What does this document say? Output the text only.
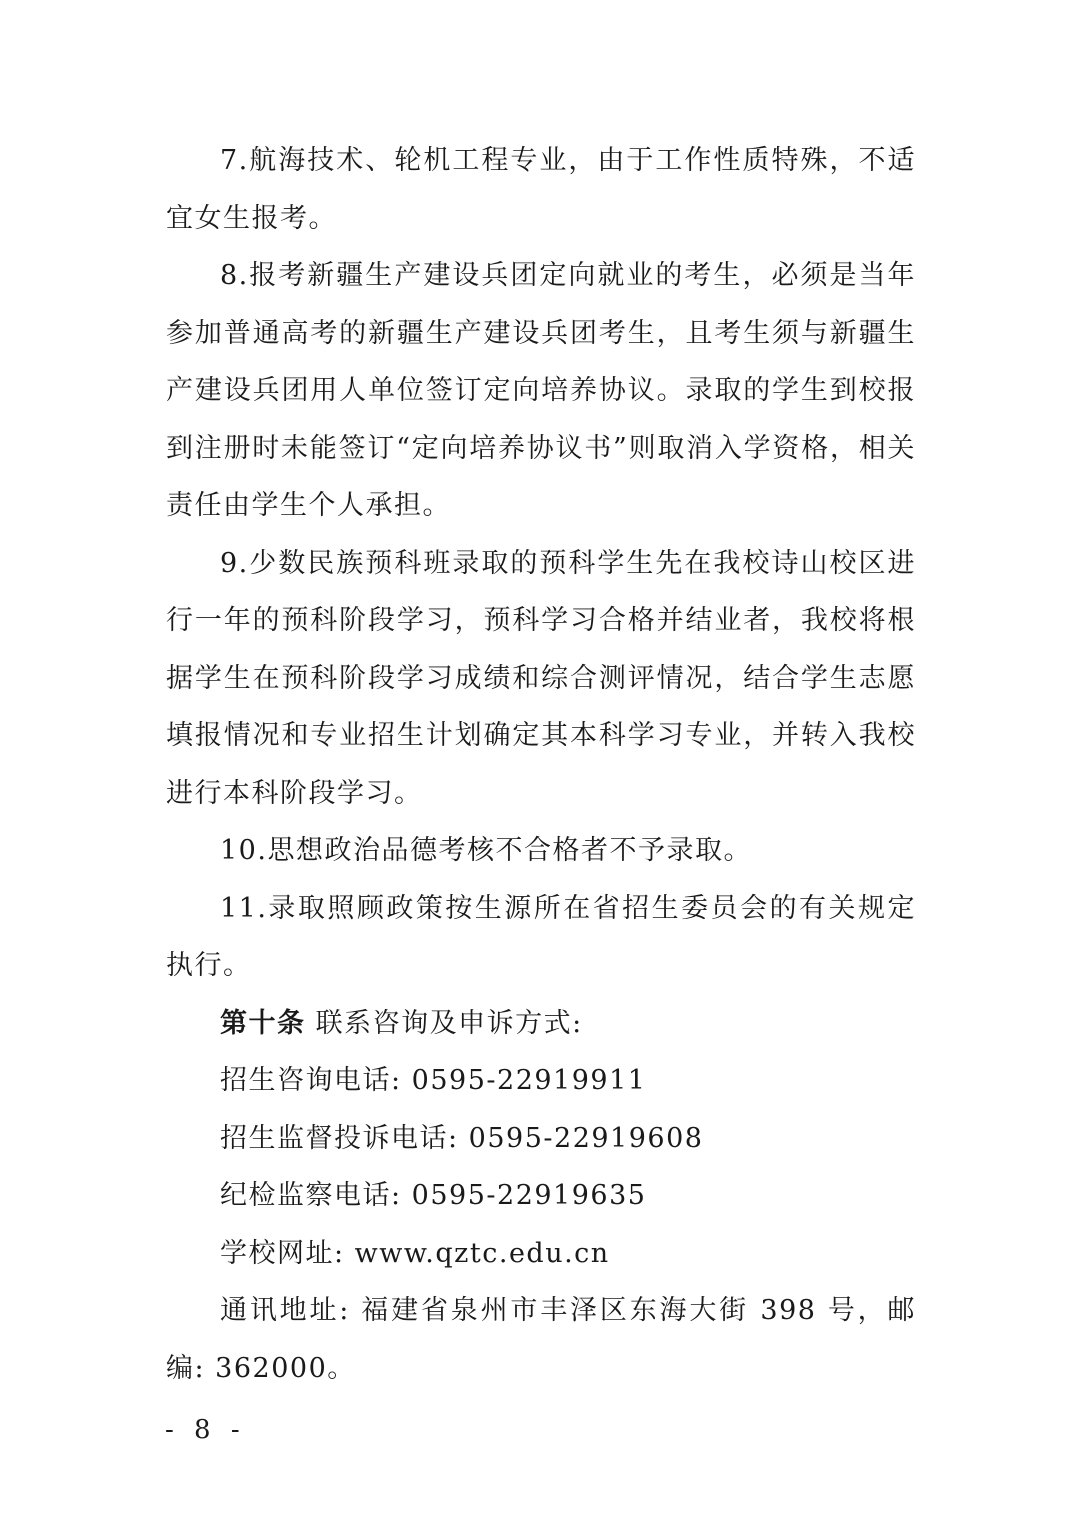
7.航海技术、轮机工程专业，由于工作性质特殊，不适宜女生报考。

8.报考新疆生产建设兵团定向就业的考生，必须是当年参加普通高考的新疆生产建设兵团考生，且考生须与新疆生产建设兵团用人单位签订定向培养协议。录取的学生到校报到注册时未能签订“定向培养协议书”则取消入学资格，相关责任由学生个人承担。

9.少数民族预科班录取的预科学生先在我校诗山校区进行一年的预科阶段学习，预科学习合格并结业者，我校将根据学生在预科阶段学习成绩和综合测评情况，结合学生志愿填报情况和专业招生计划确定其本科学习专业，并转入我校进行本科阶段学习。

10.思想政治品德考核不合格者不予录取。

11.录取照顾政策按生源所在省招生委员会的有关规定执行。

第十条 联系咨询及申诉方式:

招生咨询电话: 0595-22919911

招生监督投诉电话: 0595-22919608

纪检监察电话: 0595-22919635

学校网址: www.qztc.edu.cn

通讯地址: 福建省泉州市丰泽区东海大街 398 号，邮编: 362000。

- 8 -
